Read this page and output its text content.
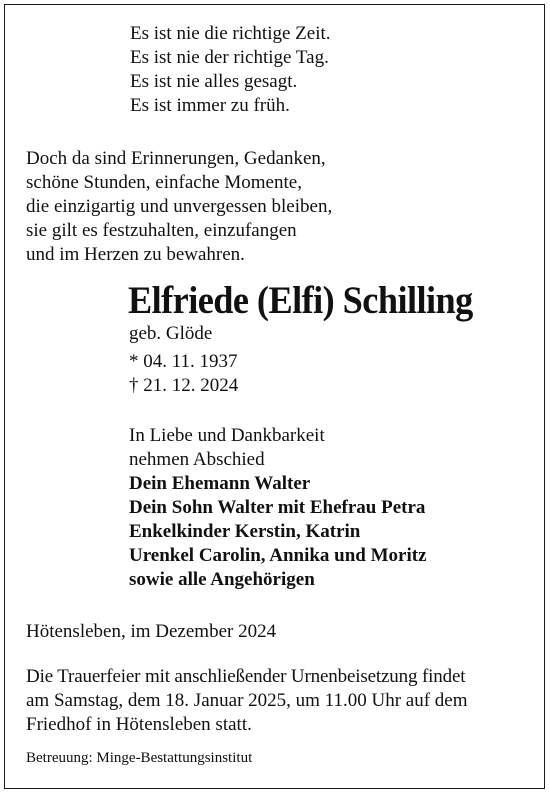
Es ist nie die richtige Zeit.
Es ist nie der richtige Tag.
Es ist nie alles gesagt.
Es ist immer zu früh.
Doch da sind Erinnerungen, Gedanken,
schöne Stunden, einfache Momente,
die einzigartig und unvergessen bleiben,
sie gilt es festzuhalten, einzufangen
und im Herzen zu bewahren.
Elfriede (Elfi) Schilling
geb. Glöde
* 04. 11. 1937
† 21. 12. 2024
In Liebe und Dankbarkeit
nehmen Abschied
Dein Ehemann Walter
Dein Sohn Walter mit Ehefrau Petra
Enkelkinder Kerstin, Katrin
Urenkel Carolin, Annika und Moritz
sowie alle Angehörigen
Hötensleben, im Dezember 2024
Die Trauerfeier mit anschließender Urnenbeisetzung findet
am Samstag, dem 18. Januar 2025, um 11.00 Uhr auf dem
Friedhof in Hötensleben statt.
Betreuung: Minge-Bestattungsinstitut
